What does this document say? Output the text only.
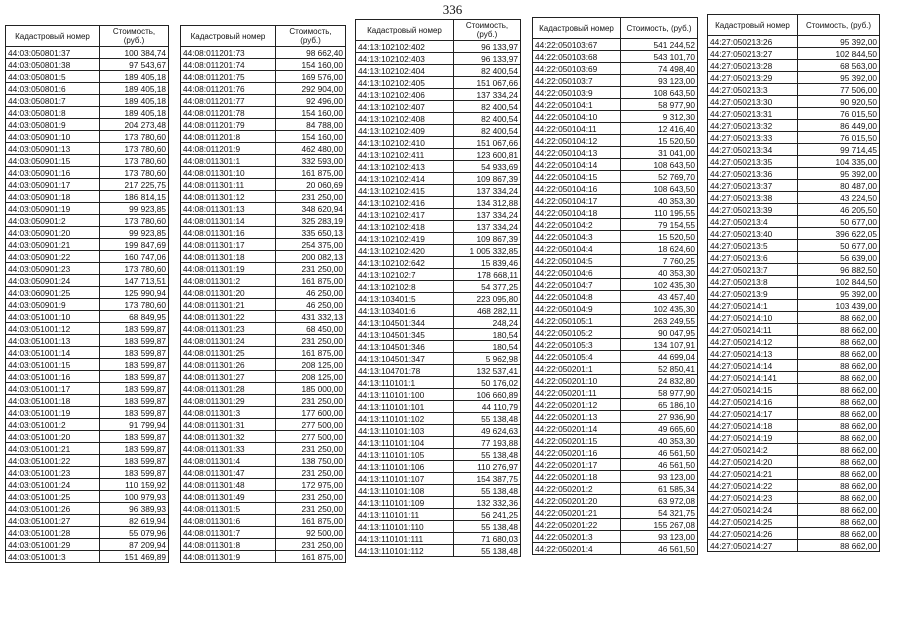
336
Кадастровый номер	Стоимость, (руб.)
44:03:050801:37	100 384,74
44:03:050801:38	97 543,67
44:03:050801:5	189 405,18
44:03:050801:6	189 405,18
44:03:050801:7	189 405,18
44:03:050801:8	189 405,18
44:03:050801:9	204 273,48
44:03:050901:10	173 780,60
44:03:050901:13	173 780,60
44:03:050901:15	173 780,60
44:03:050901:16	173 780,60
44:03:050901:17	217 225,75
44:03:050901:18	186 814,15
44:03:050901:19	99 923,85
44:03:050901:2	173 780,60
44:03:050901:20	99 923,85
44:03:050901:21	199 847,69
44:03:050901:22	160 747,06
44:03:050901:23	173 780,60
44:03:050901:24	147 713,51
44:03:060901:25	125 990,94
44:03:050901:9	173 780,60
44:03:051001:10	68 849,95
44:03:051001:12	183 599,87
44:03:051001:13	183 599,87
44:03:051001:14	183 599,87
44:03:051001:15	183 599,87
44:03:051001:16	183 599,87
44:03:051001:17	183 599,87
44:03:051001:18	183 599,87
44:03:051001:19	183 599,87
44:03:051001:2	91 799,94
44:03:051001:20	183 599,87
44:03:051001:21	183 599,87
44:03:051001:22	183 599,87
44:03:051001:23	183 599,87
44:03:051001:24	110 159,92
44:03:051001:25	100 979,93
44:03:051001:26	96 389,93
44:03:051001:27	82 619,94
44:03:051001:28	55 079,96
44:03:051001:29	87 209,94
44:03:051001:3	151 469,89
Кадастровый номер	Стоимость, (руб.)
44:08:011201:73	98 662,40
44:08:011201:74	154 160,00
44:08:011201:75	169 576,00
44:08:011201:76	292 904,00
44:08:011201:77	92 496,00
44:08:011201:78	154 160,00
44:08:011201:79	84 788,00
44:08:011201:8	154 160,00
44:08:011201:9	462 480,00
44:08:011301:1	332 593,00
44:08:011301:10	161 875,00
44:08:011301:11	20 060,69
44:08:011301:12	231 250,00
44:08:011301:13	348 620,94
44:08:011301:14	325 283,19
44:08:011301:16	335 650,13
44:08:011301:17	254 375,00
44:08:011301:18	200 082,13
44:08:011301:19	231 250,00
44:08:011301:2	161 875,00
44:08:011301:20	46 250,00
44:08:011301:21	46 250,00
44:08:011301:22	431 332,13
44:08:011301:23	68 450,00
44:08:011301:24	231 250,00
44:08:011301:25	161 875,00
44:08:011301:26	208 125,00
44:08:011301:27	208 125,00
44:08:011301:28	185 000,00
44:08:011301:29	231 250,00
44:08:011301:3	177 600,00
44:08:011301:31	277 500,00
44:08:011301:32	277 500,00
44:08:011301:33	231 250,00
44:08:011301:4	138 750,00
44:08:011301:47	231 250,00
44:08:011301:48	172 975,00
44:08:011301:49	231 250,00
44:08:011301:5	231 250,00
44:08:011301:6	161 875,00
44:08:011301:7	92 500,00
44:08:011301:8	231 250,00
44:08:011301:9	161 875,00
Кадастровый номер	Стоимость, (руб.)
44:13:102102:402	96 133,97
44:13:102102:403	96 133,97
44:13:102102:404	82 400,54
44:13:102102:405	151 067,66
44:13:102102:406	137 334,24
44:13:102102:407	82 400,54
44:13:102102:408	82 400,54
44:13:102102:409	82 400,54
44:13:102102:410	151 067,66
44:13:102102:411	123 600,81
44:13:102102:413	54 933,69
44:13:102102:414	109 867,39
44:13:102102:415	137 334,24
44:13:102102:416	134 312,88
44:13:102102:417	137 334,24
44:13:102102:418	137 334,24
44:13:102102:419	109 867,39
44:13:102102:420	1 005 332,85
44:13:102102:642	15 839,46
44:13:102102:7	178 668,11
44:13:102102:8	54 377,25
44:13:103401:5	223 095,80
44:13:103401:6	468 282,11
44:13:104501:344	248,24
44:13:104501:345	180,54
44:13:104501:346	180,54
44:13:104501:347	5 962,98
44:13:104701:78	132 537,41
44:13:110101:1	50 176,02
44:13:110101:100	106 660,89
44:13:110101:101	44 110,79
44:13:110101:102	55 138,48
44:13:110101:103	49 624,63
44:13:110101:104	77 193,88
44:13:110101:105	55 138,48
44:13:110101:106	110 276,97
44:13:110101:107	154 387,75
44:13:110101:108	55 138,48
44:13:110101:109	132 332,36
44:13:110101:11	56 241,25
44:13:110101:110	55 138,48
44:13:110101:111	71 680,03
44:13:110101:112	55 138,48
Кадастровый номер	Стоимость, (руб.)
44:22:050103:67	541 244,52
44:22:050103:68	543 101,70
44:22:050103:69	74 498,40
44:22:050103:7	93 123,00
44:22:050103:9	108 643,50
44:22:050104:1	58 977,90
44:22:050104:10	9 312,30
44:22:050104:11	12 416,40
44:22:050104:12	15 520,50
44:22:050104:13	31 041,00
44:22:050104:14	108 643,50
44:22:050104:15	52 769,70
44:22:050104:16	108 643,50
44:22:050104:17	40 353,30
44:22:050104:18	110 195,55
44:22:050104:2	79 154,55
44:22:050104:3	15 520,50
44:22:050104:4	18 624,60
44:22:050104:5	7 760,25
44:22:050104:6	40 353,30
44:22:050104:7	102 435,30
44:22:050104:8	43 457,40
44:22:050104:9	102 435,30
44:22:050105:1	263 249,55
44:22:050105:2	90 047,95
44:22:050105:3	134 107,91
44:22:050105:4	44 699,04
44:22:050201:1	52 850,41
44:22:050201:10	24 832,80
44:22:050201:11	58 977,90
44:22:050201:12	65 186,10
44:22:050201:13	27 936,90
44:22:050201:14	49 665,60
44:22:050201:15	40 353,30
44:22:050201:16	46 561,50
44:22:050201:17	46 561,50
44:22:050201:18	93 123,00
44:22:050201:2	61 585,34
44:22:050201:20	63 972,08
44:22:050201:21	54 321,75
44:22:050201:22	155 267,08
44:22:050201:3	93 123,00
44:22:050201:4	46 561,50
Кадастровый номер	Стоимость, (руб.)
44:27:050213:26	95 392,00
44:27:050213:27	102 844,50
44:27:050213:28	68 563,00
44:27:050213:29	95 392,00
44:27:050213:3	77 506,00
44:27:050213:30	90 920,50
44:27:050213:31	76 015,50
44:27:050213:32	86 449,00
44:27:050213:33	76 015,50
44:27:050213:34	99 714,45
44:27:050213:35	104 335,00
44:27:050213:36	95 392,00
44:27:050213:37	80 487,00
44:27:050213:38	43 224,50
44:27:050213:39	46 205,50
44:27:050213:4	50 677,00
44:27:050213:40	396 622,05
44:27:050213:5	50 677,00
44:27:050213:6	56 639,00
44:27:050213:7	96 882,50
44:27:050213:8	102 844,50
44:27:050213:9	95 392,00
44:27:050214:1	103 439,00
44:27:050214:10	88 662,00
44:27:050214:11	88 662,00
44:27:050214:12	88 662,00
44:27:050214:13	88 662,00
44:27:050214:14	88 662,00
44:27:050214:141	88 662,00
44:27:050214:15	88 662,00
44:27:050214:16	88 662,00
44:27:050214:17	88 662,00
44:27:050214:18	88 662,00
44:27:050214:19	88 662,00
44:27:050214:2	88 662,00
44:27:050214:20	88 662,00
44:27:050214:21	88 662,00
44:27:050214:22	88 662,00
44:27:050214:23	88 662,00
44:27:050214:24	88 662,00
44:27:050214:25	88 662,00
44:27:050214:26	88 662,00
44:27:050214:27	88 662,00
